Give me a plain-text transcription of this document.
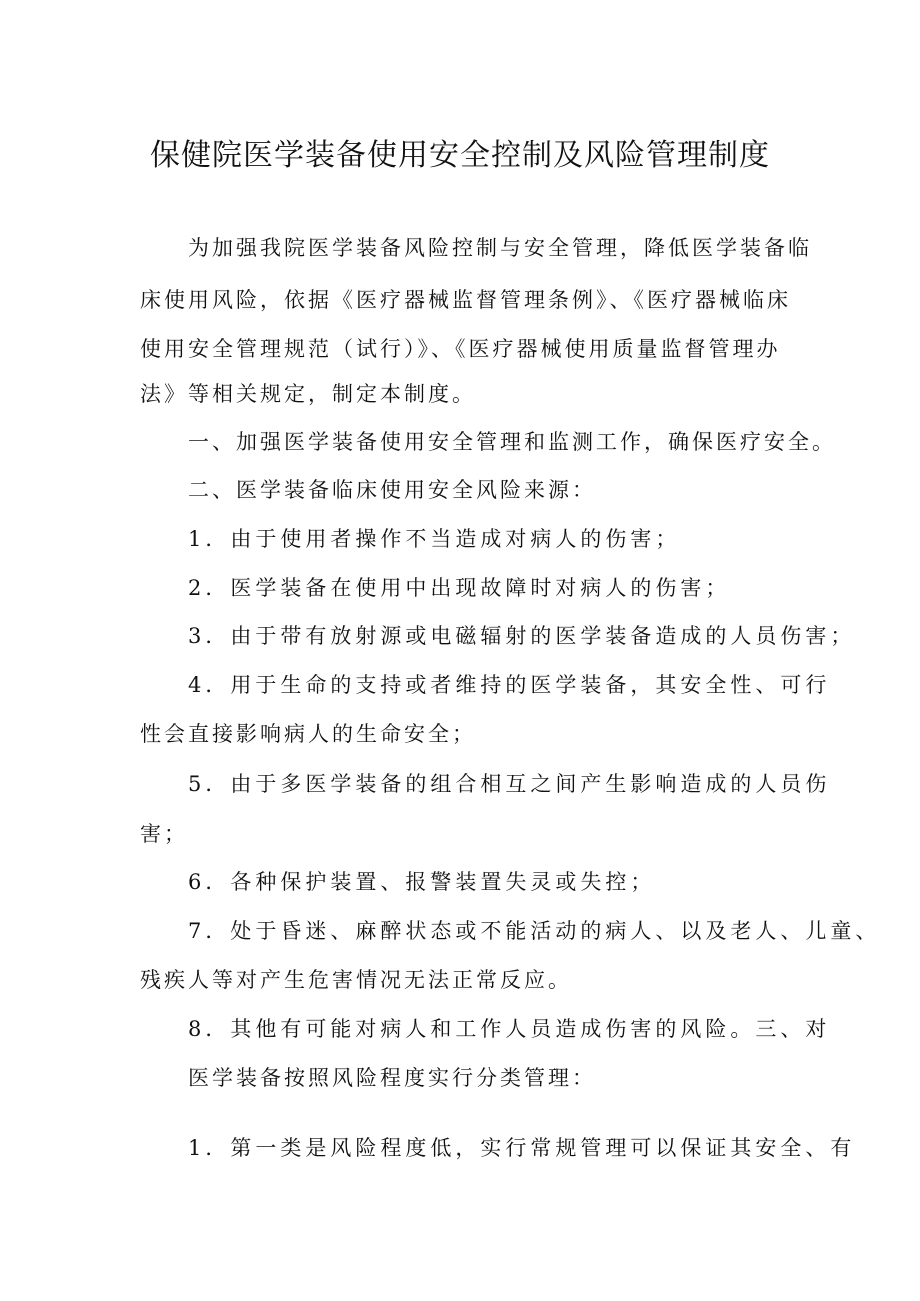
保健院医学装备使用安全控制及风险管理制度
为加强我院医学装备风险控制与安全管理，降低医学装备临
床使用风险，依据《医疗器械监督管理条例》、《医疗器械临床
使用安全管理规范（试行）》、《医疗器械使用质量监督管理办
法》等相关规定，制定本制度。
一、加强医学装备使用安全管理和监测工作，确保医疗安全。
二、医学装备临床使用安全风险来源：
1．由于使用者操作不当造成对病人的伤害；
2．医学装备在使用中出现故障时对病人的伤害；
3．由于带有放射源或电磁辐射的医学装备造成的人员伤害；
4．用于生命的支持或者维持的医学装备，其安全性、可行
性会直接影响病人的生命安全；
5．由于多医学装备的组合相互之间产生影响造成的人员伤
害；
6．各种保护装置、报警装置失灵或失控；
7．处于昏迷、麻醉状态或不能活动的病人、以及老人、儿童、
残疾人等对产生危害情况无法正常反应。
8．其他有可能对病人和工作人员造成伤害的风险。三、对
医学装备按照风险程度实行分类管理：
1．第一类是风险程度低，实行常规管理可以保证其安全、有
